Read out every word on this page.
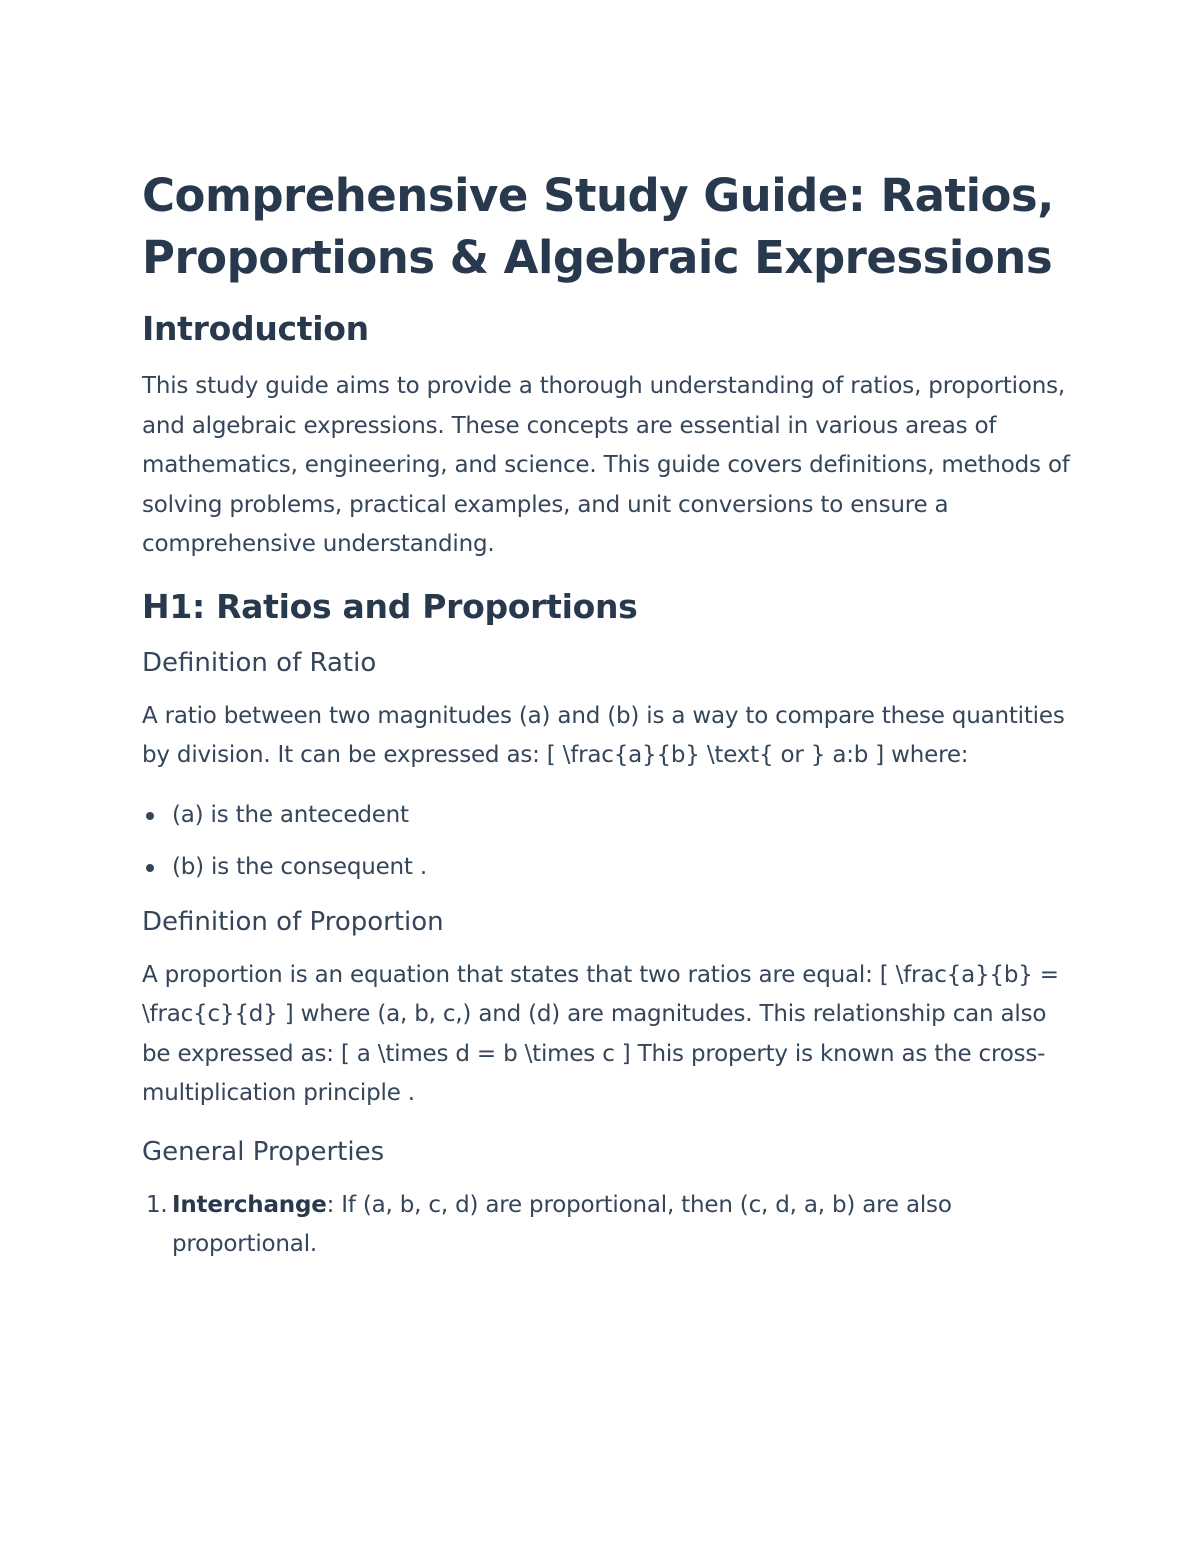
Comprehensive Study Guide: Ratios, Proportions & Algebraic Expressions
Introduction

This study guide aims to provide a thorough understanding of ratios, proportions, and algebraic expressions. These concepts are essential in various areas of mathematics, engineering, and science. This guide covers definitions, methods of solving problems, practical examples, and unit conversions to ensure a comprehensive understanding.

H1: Ratios and Proportions
Definition of Ratio

A ratio between two magnitudes (a) and (b) is a way to compare these quantities by division. It can be expressed as: [ \frac{a}{b} \text{ or } a:b ] where:

(a) is the antecedent
(b) is the consequent .
Definition of Proportion

A proportion is an equation that states that two ratios are equal: [ \frac{a}{b} = \frac{c}{d} ] where (a, b, c,) and (d) are magnitudes. This relationship can also be expressed as: [ a \times d = b \times c ] This property is known as the cross-multiplication principle .

General Properties
1. Interchange: If (a, b, c, d) are proportional, then (c, d, a, b) are also proportional.
